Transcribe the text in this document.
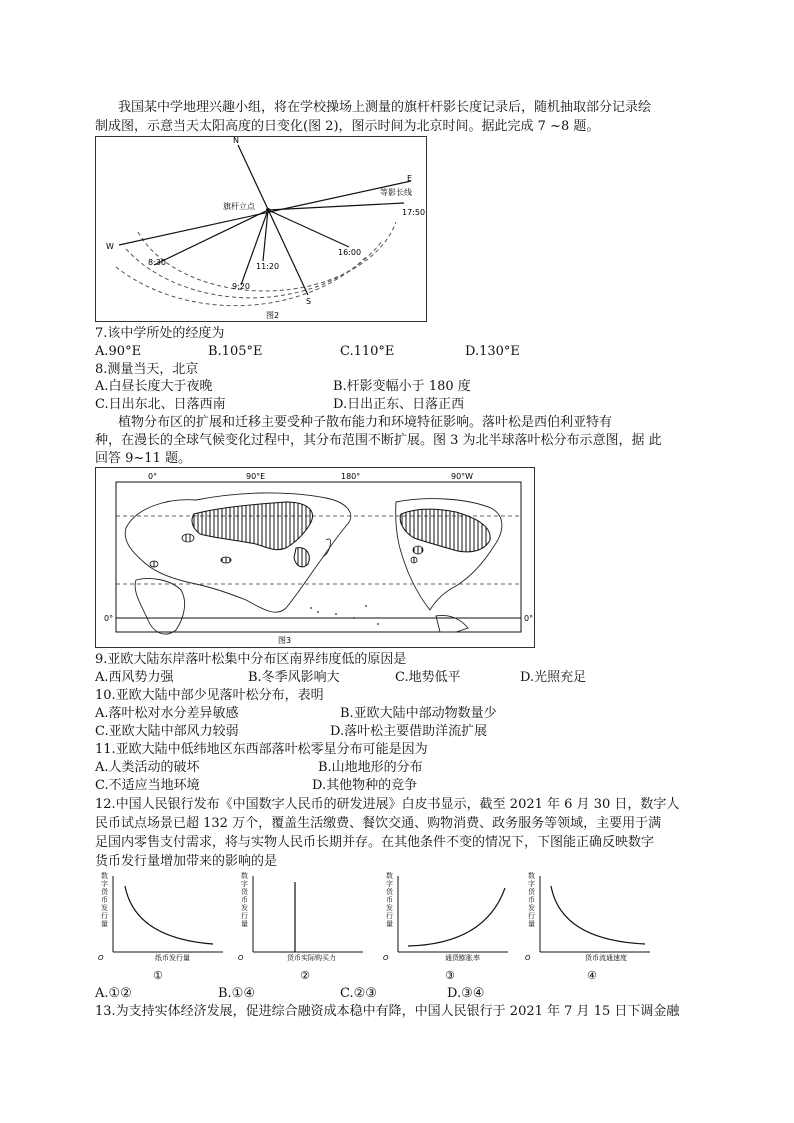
我国某中学地理兴趣小组，将在学校操场上测量的旗杆杆影长度记录后，随机抽取部分记录绘
制成图，示意当天太阳高度的日变化(图 2)，图示时间为北京时间。据此完成 7 ~8 题。
N
S
E
W
旗杆立点
等影长线
8:30
9:20
11:20
16:00
17:50
图2
7.该中学所处的经度为
A.90°E	B.105°E	C.110°E	D.130°E
8.测量当天，北京
A.白昼长度大于夜晚	B.杆影变幅小于 180 度
C.日出东北、日落西南	D.日出正东、日落正西
植物分布区的扩展和迁移主要受种子散布能力和环境特征影响。落叶松是西伯利亚特有
种，在漫长的全球气候变化过程中，其分布范围不断扩展。图 3 为北半球落叶松分布示意图，据 此
回答 9~11 题。
0°	90°E	180°	90°W
0°	0°
图3
9.亚欧大陆东岸落叶松集中分布区南界纬度低的原因是
A.西风势力强	B.冬季风影响大	C.地势低平	D.光照充足
10.亚欧大陆中部少见落叶松分布，表明
A.落叶松对水分差异敏感	B.亚欧大陆中部动物数量少
C.亚欧大陆中部风力较弱	D.落叶松主要借助洋流扩展
11.亚欧大陆中低纬地区东西部落叶松零星分布可能是因为
A.人类活动的破坏	B.山地地形的分布
C.不适应当地环境	D.其他物种的竞争
12.中国人民银行发布《中国数字人民币的研发进展》白皮书显示，截至 2021 年 6 月 30 日，数字人
民币试点场景已超 132 万个，覆盖生活缴费、餐饮交通、购物消费、政务服务等领域，主要用于满
足国内零售支付需求，将与实物人民币长期并存。在其他条件不变的情况下，下图能正确反映数字
货币发行量增加带来的影响的是
O	纸币发行量
①
O	货币实际购买力
②
O	通货膨胀率
③
O	货币流通速度
④
数字货币发行量
数字货币发行量
数字货币发行量
数字货币发行量
A.①②	B.①④	C.②③	D.③④
13.为支持实体经济发展，促进综合融资成本稳中有降，中国人民银行于 2021 年 7 月 15 日下调金融
